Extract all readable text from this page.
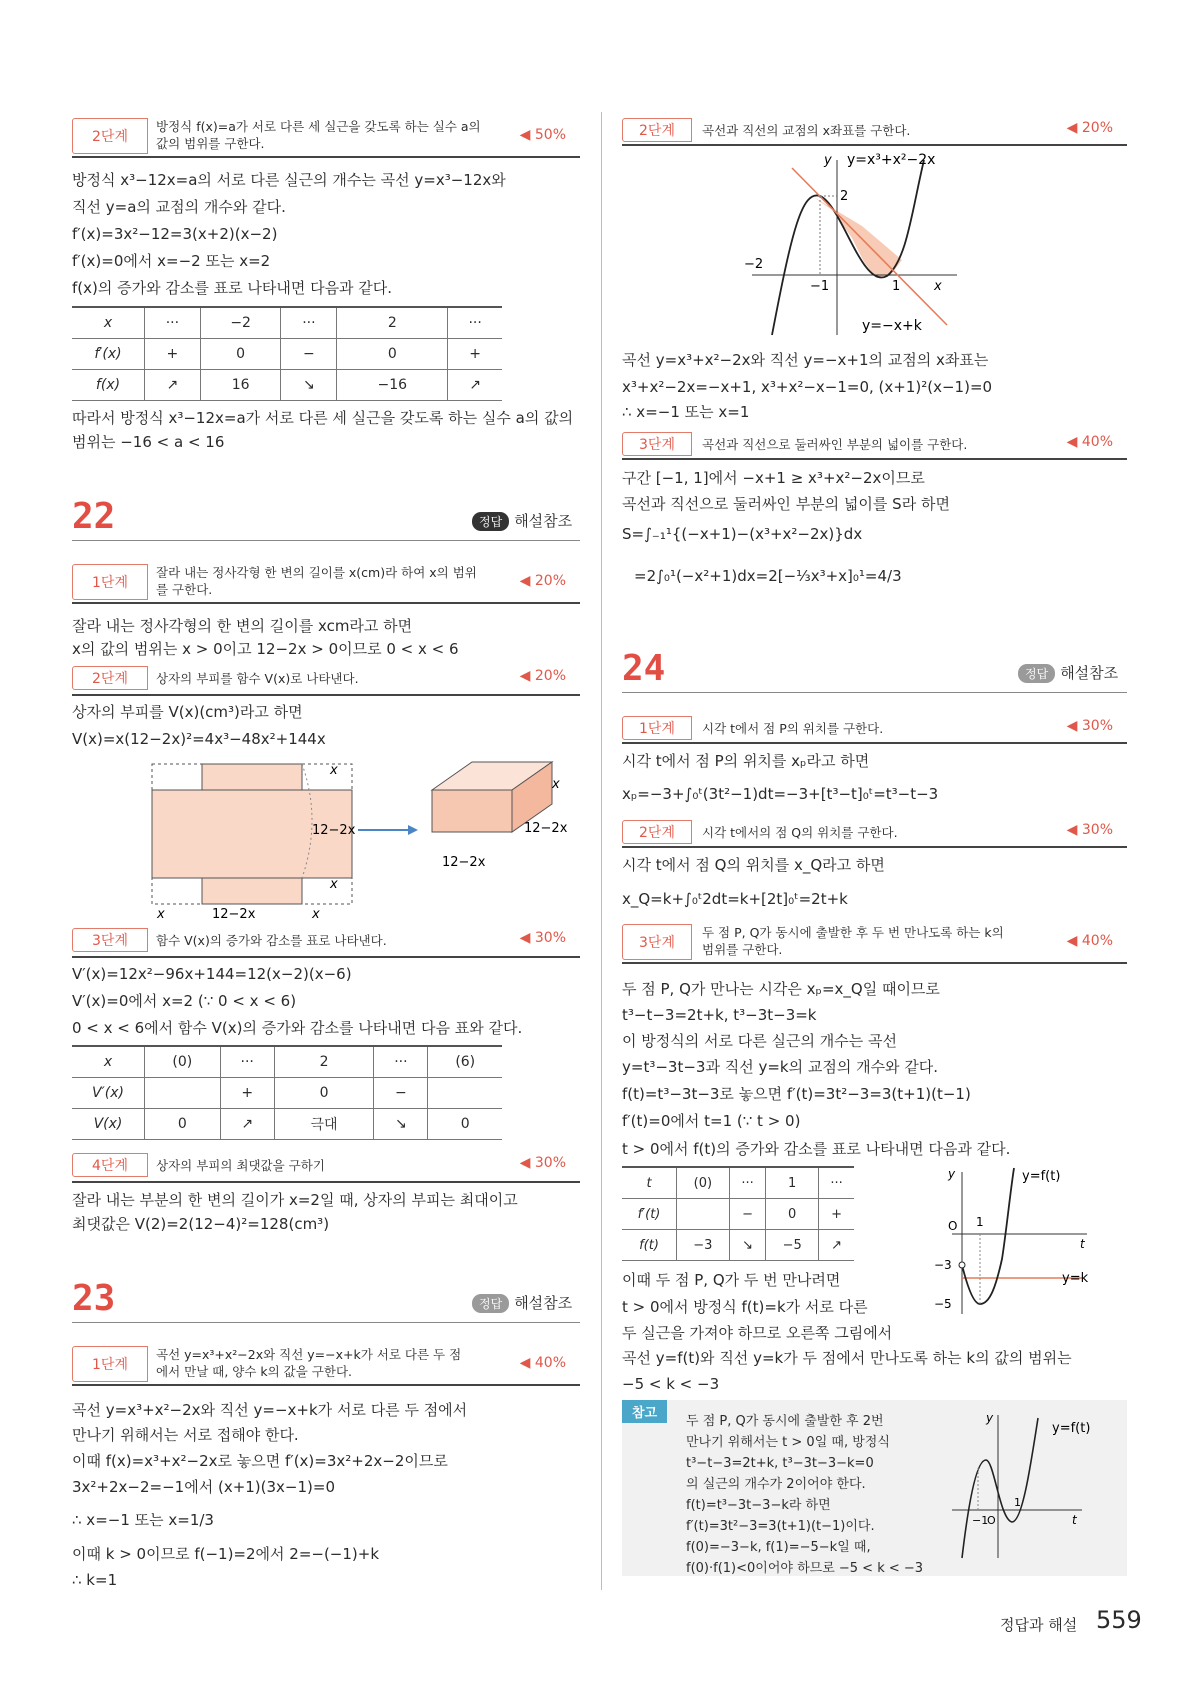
2단계
방정식 f(x)=a가 서로 다른 세 실근을 갖도록 하는 실수 a의 값의 범위를 구한다.
◀ 50%
방정식 x³−12x=a의 서로 다른 실근의 개수는 곡선 y=x³−12x와
직선 y=a의 교점의 개수와 같다.
f′(x)=3x²−12=3(x+2)(x−2)
f′(x)=0에서 x=−2 또는 x=2
f(x)의 증가와 감소를 표로 나타내면 다음과 같다.
x	···	−2	···	2	···
f′(x)	+	0	−	0	+
f(x)	↗	16	↘	−16	↗
따라서 방정식 x³−12x=a가 서로 다른 세 실근을 갖도록 하는 실수 a의 값의
범위는 −16 < a < 16
22	정답 해설참조
1단계
잘라 내는 정사각형 한 변의 길이를 x(cm)라 하여 x의 범위를 구한다.
◀ 20%
잘라 내는 정사각형의 한 변의 길이를 xcm라고 하면
x의 값의 범위는 x > 0이고 12−2x > 0이므로 0 < x < 6
2단계	상자의 부피를 함수 V(x)로 나타낸다.	◀ 20%
상자의 부피를 V(x)(cm³)라고 하면
V(x)=x(12−2x)²=4x³−48x²+144x
x
x
x	x
12−2x
12−2x
x
12−2x
12−2x
3단계	함수 V(x)의 증가와 감소를 표로 나타낸다.	◀ 30%
V′(x)=12x²−96x+144=12(x−2)(x−6)
V′(x)=0에서 x=2 (∵ 0 < x < 6)
0 < x < 6에서 함수 V(x)의 증가와 감소를 나타내면 다음 표와 같다.
x	(0)	···	2	···	(6)
V′(x)		+	0	−	
V(x)	0	↗	극대	↘	0
4단계	상자의 부피의 최댓값을 구하기	◀ 30%
잘라 내는 부분의 한 변의 길이가 x=2일 때, 상자의 부피는 최대이고
최댓값은 V(2)=2(12−4)²=128(cm³)
23	정답 해설참조
1단계
곡선 y=x³+x²−2x와 직선 y=−x+k가 서로 다른 두 점에서 만날 때, 양수 k의 값을 구한다.
◀ 40%
곡선 y=x³+x²−2x와 직선 y=−x+k가 서로 다른 두 점에서
만나기 위해서는 서로 접해야 한다.
이때 f(x)=x³+x²−2x로 놓으면 f′(x)=3x²+2x−2이므로
3x²+2x−2=−1에서 (x+1)(3x−1)=0
∴ x=−1 또는 x=1/3
이때 k > 0이므로 f(−1)=2에서 2=−(−1)+k
∴ k=1
2단계	곡선과 직선의 교점의 x좌표를 구한다.	◀ 20%
y y=x³+x²−2x
2
−2
−1	1	x
y=−x+k
곡선 y=x³+x²−2x와 직선 y=−x+1의 교점의 x좌표는
x³+x²−2x=−x+1, x³+x²−x−1=0, (x+1)²(x−1)=0
∴ x=−1 또는 x=1
3단계	곡선과 직선으로 둘러싸인 부분의 넓이를 구한다.	◀ 40%
구간 [−1, 1]에서 −x+1 ≥ x³+x²−2x이므로
곡선과 직선으로 둘러싸인 부분의 넓이를 S라 하면
S=∫₋₁¹{(−x+1)−(x³+x²−2x)}dx
=2∫₀¹(−x²+1)dx=2[−⅓x³+x]₀¹=4/3
24	정답 해설참조
1단계	시각 t에서 점 P의 위치를 구한다.	◀ 30%
시각 t에서 점 P의 위치를 xₚ라고 하면
xₚ=−3+∫₀ᵗ(3t²−1)dt=−3+[t³−t]₀ᵗ=t³−t−3
2단계	시각 t에서의 점 Q의 위치를 구한다.	◀ 30%
시각 t에서 점 Q의 위치를 x_Q라고 하면
x_Q=k+∫₀ᵗ2dt=k+[2t]₀ᵗ=2t+k
3단계
두 점 P, Q가 동시에 출발한 후 두 번 만나도록 하는 k의 범위를 구한다.
◀ 40%
두 점 P, Q가 만나는 시각은 xₚ=x_Q일 때이므로
t³−t−3=2t+k, t³−3t−3=k
이 방정식의 서로 다른 실근의 개수는 곡선
y=t³−3t−3과 직선 y=k의 교점의 개수와 같다.
f(t)=t³−3t−3로 놓으면 f′(t)=3t²−3=3(t+1)(t−1)
f′(t)=0에서 t=1 (∵ t > 0)
t > 0에서 f(t)의 증가와 감소를 표로 나타내면 다음과 같다.
t	(0)	···	1	···
f′(t)		−	0	+
f(t)	−3	↘	−5	↗
y	y=f(t)
O 1
t
−3
−5
y=k
이때 두 점 P, Q가 두 번 만나려면
t > 0에서 방정식 f(t)=k가 서로 다른
두 실근을 가져야 하므로 오른쪽 그림에서
곡선 y=f(t)와 직선 y=k가 두 점에서 만나도록 하는 k의 값의 범위는
−5 < k < −3
참고
두 점 P, Q가 동시에 출발한 후 2번
만나기 위해서는 t > 0일 때, 방정식
t³−t−3=2t+k, t³−3t−3−k=0
의 실근의 개수가 2이어야 한다.
f(t)=t³−3t−3−k라 하면
f′(t)=3t²−3=3(t+1)(t−1)이다.
f(0)=−3−k, f(1)=−5−k일 때,
f(0)·f(1)<0이어야 하므로 −5 < k < −3
y
y=f(t)
−1
O
1
t
정답과 해설 559
